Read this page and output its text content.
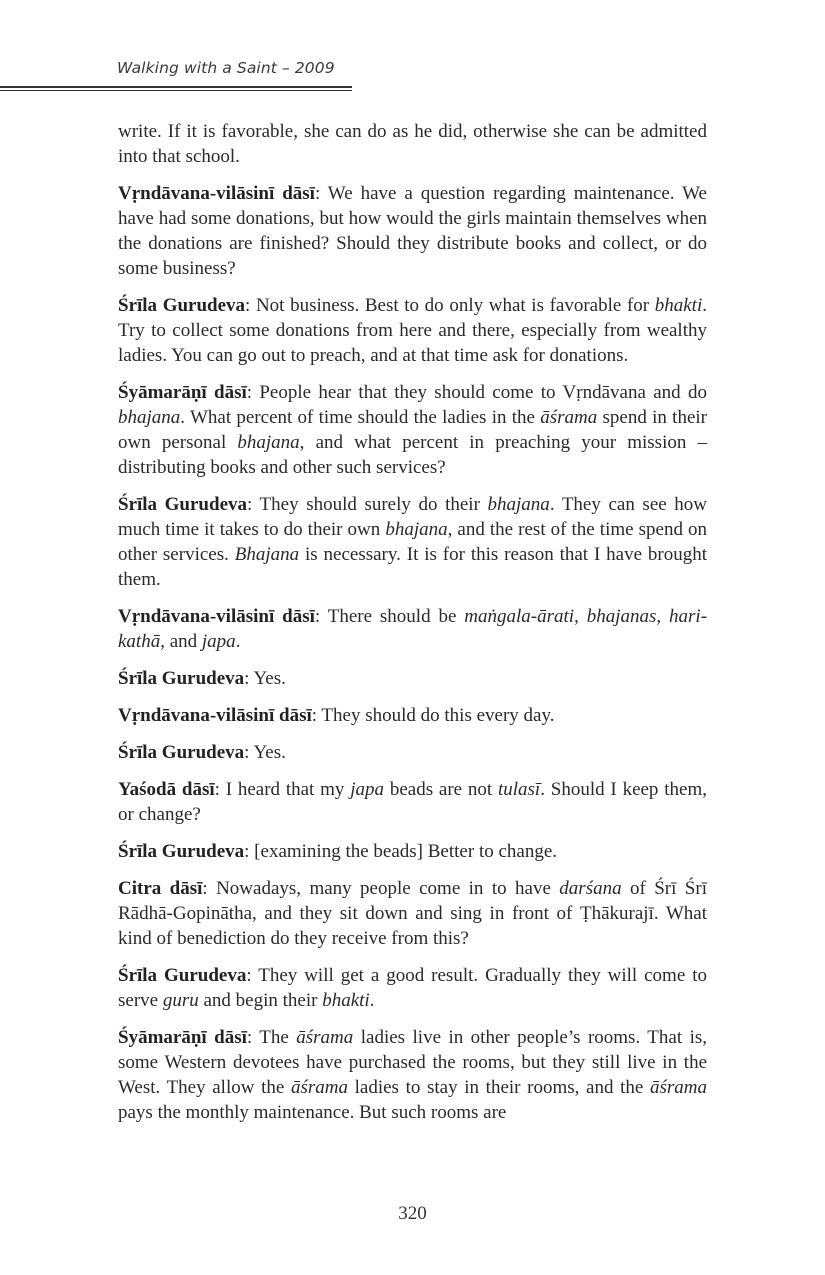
Walking with a Saint – 2009

write. If it is favorable, she can do as he did, otherwise she can be admitted into that school.

Vṛndāvana-vilāsinī dāsī: We have a question regarding maintenance. We have had some donations, but how would the girls maintain themselves when the donations are finished? Should they distribute books and collect, or do some business?

Śrīla Gurudeva: Not business. Best to do only what is favorable for bhakti. Try to collect some donations from here and there, especially from wealthy ladies. You can go out to preach, and at that time ask for donations.

Śyāmarāṇī dāsī: People hear that they should come to Vṛndāvana and do bhajana. What percent of time should the ladies in the āśrama spend in their own personal bhajana, and what percent in preaching your mission – distributing books and other such services?

Śrīla Gurudeva: They should surely do their bhajana. They can see how much time it takes to do their own bhajana, and the rest of the time spend on other services. Bhajana is necessary. It is for this reason that I have brought them.

Vṛndāvana-vilāsinī dāsī: There should be maṅgala-ārati, bhajanas, hari-kathā, and japa.

Śrīla Gurudeva: Yes.

Vṛndāvana-vilāsinī dāsī: They should do this every day.

Śrīla Gurudeva: Yes.

Yaśodā dāsī: I heard that my japa beads are not tulasī. Should I keep them, or change?

Śrīla Gurudeva: [examining the beads] Better to change.

Citra dāsī: Nowadays, many people come in to have darśana of Śrī Śrī Rādhā-Gopinātha, and they sit down and sing in front of Ṭhākurajī. What kind of benediction do they receive from this?

Śrīla Gurudeva: They will get a good result. Gradually they will come to serve guru and begin their bhakti.

Śyāmarāṇī dāsī: The āśrama ladies live in other people’s rooms. That is, some Western devotees have purchased the rooms, but they still live in the West. They allow the āśrama ladies to stay in their rooms, and the āśrama pays the monthly maintenance. But such rooms are

320
